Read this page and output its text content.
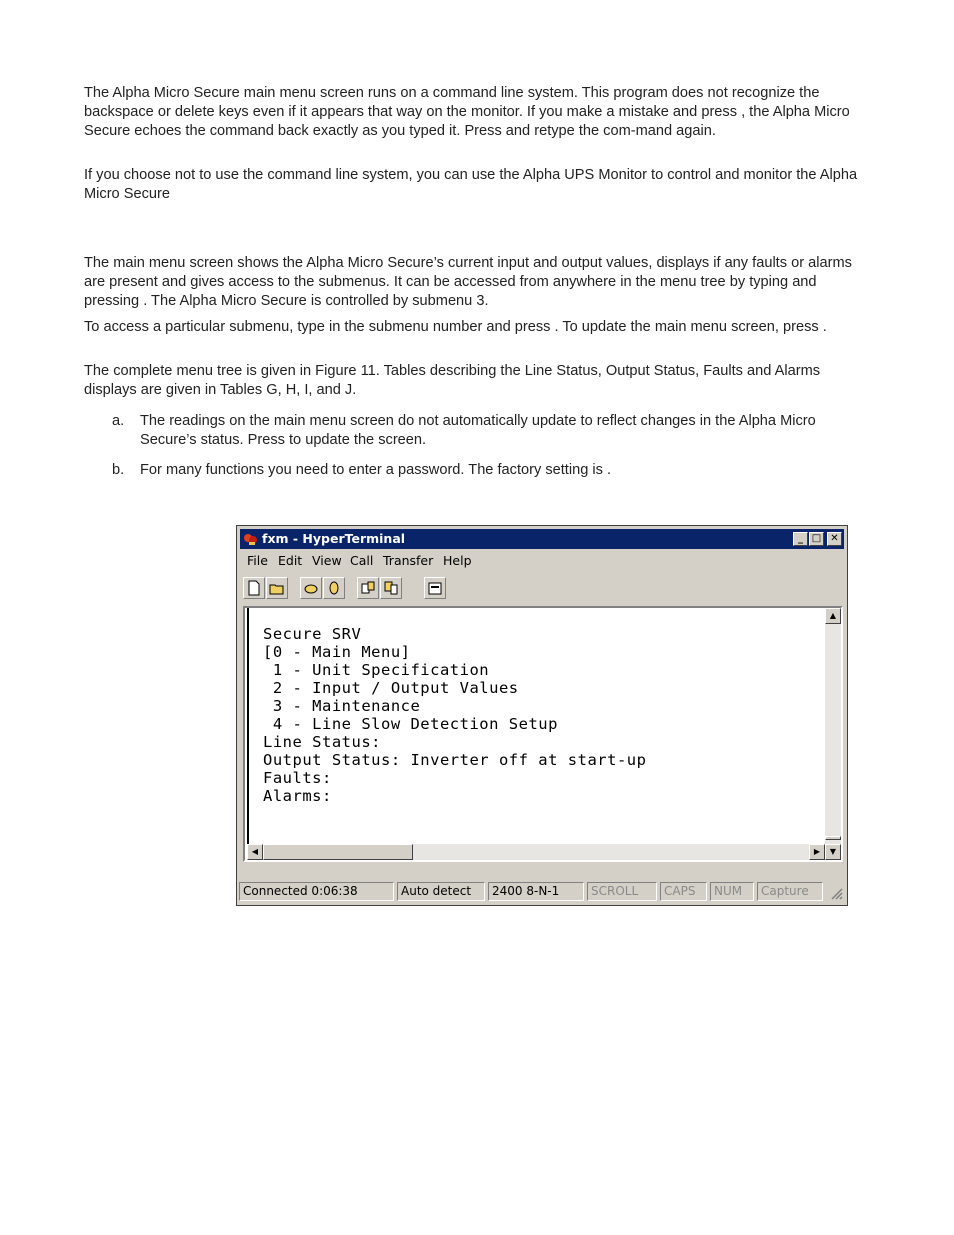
The Alpha Micro Secure main menu screen runs on a command line system. This program does not recognize the backspace or delete keys even if it appears that way on the monitor. If you make a mistake and press , the Alpha Micro Secure echoes the command back exactly as you typed it. Press and retype the com-mand again.

If you choose not to use the command line system, you can use the Alpha UPS Monitor to control and monitor the Alpha Micro Secure

The main menu screen shows the Alpha Micro Secure’s current input and output values, displays if any faults or alarms are present and gives access to the submenus. It can be accessed from anywhere in the menu tree by typing and pressing . The Alpha Micro Secure is controlled by submenu 3.

To access a particular submenu, type in the submenu number and press . To update the main menu screen, press .

The complete menu tree is given in Figure 11. Tables describing the Line Status, Output Status, Faults and Alarms displays are given in Tables G, H, I, and J.

a. The readings on the main menu screen do not automatically update to reflect changes in the Alpha Micro Secure’s status. Press to update the screen.
b. For many functions you need to enter a password. The factory setting is .
fxm - HyperTerminal	_ □ ✕
File Edit View Call Transfer Help
Secure SRV
[0 - Main Menu]
1 - Unit Specification
2 - Input / Output Values
3 - Maintenance
4 - Line Slow Detection Setup
Line Status:
Output Status: Inverter off at start-up
Faults:
Alarms:
▲
▼
◀	▶
Connected 0:06:38	Auto detect	2400 8-N-1	SCROLL	CAPS	NUM	Capture
